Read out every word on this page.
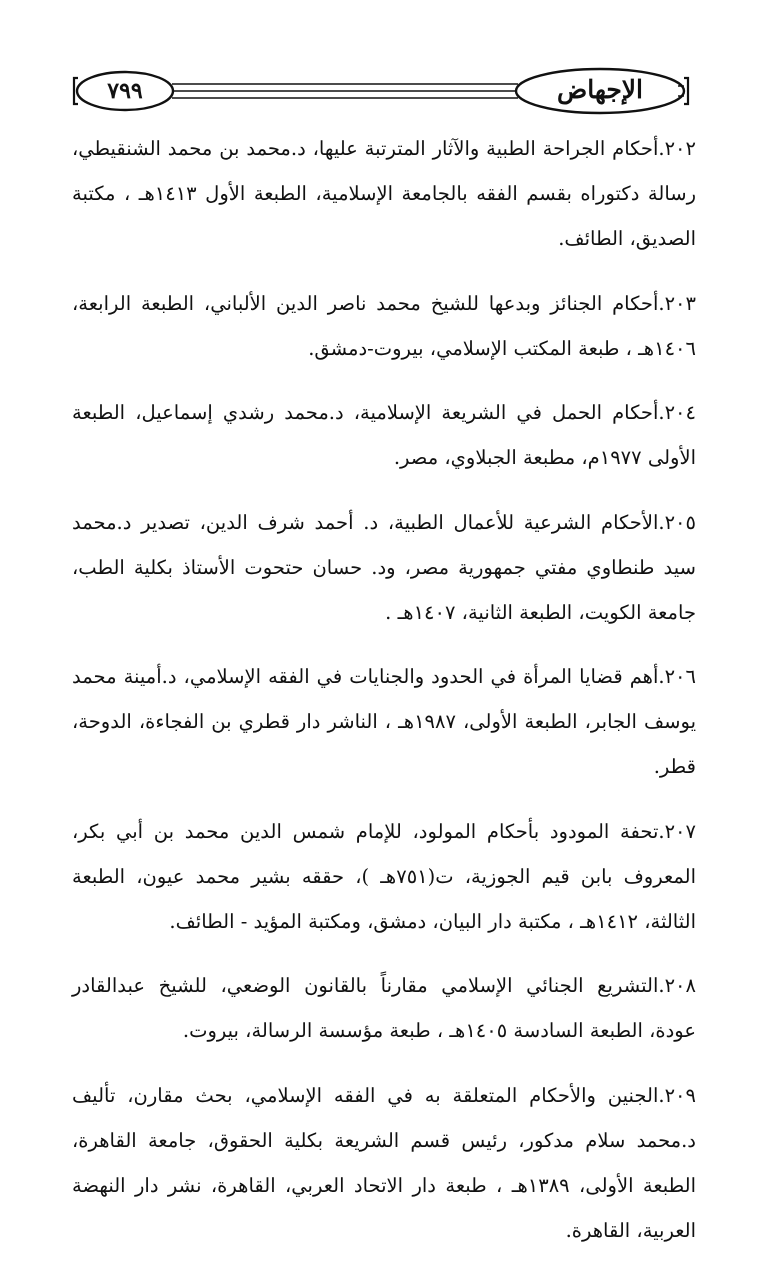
٧٩٩	الإجهاض

٢٠٢.أحكام الجراحة الطبية والآثار المترتبة عليها، د.محمد بن محمد الشنقيطي، رسالة دكتوراه بقسم الفقه بالجامعة الإسلامية، الطبعة الأول ١٤١٣هـ ، مكتبة الصديق، الطائف.

٢٠٣.أحكام الجنائز وبدعها للشيخ محمد ناصر الدين الألباني، الطبعة الرابعة، ١٤٠٦هـ ، طبعة المكتب الإسلامي، بيروت-دمشق.

٢٠٤.أحكام الحمل في الشريعة الإسلامية، د.محمد رشدي إسماعيل، الطبعة الأولى ١٩٧٧م، مطبعة الجبلاوي، مصر.

٢٠٥.الأحكام الشرعية للأعمال الطبية، د. أحمد شرف الدين، تصدير د.محمد سيد طنطاوي مفتي جمهورية مصر، ود. حسان حتحوت الأستاذ بكلية الطب، جامعة الكويت، الطبعة الثانية، ١٤٠٧هـ .

٢٠٦.أهم قضايا المرأة في الحدود والجنايات في الفقه الإسلامي، د.أمينة محمد يوسف الجابر، الطبعة الأولى، ١٩٨٧هـ ، الناشر دار قطري بن الفجاءة، الدوحة، قطر.

٢٠٧.تحفة المودود بأحكام المولود، للإمام شمس الدين محمد بن أبي بكر، المعروف بابن قيم الجوزية، ت(٧٥١هـ )، حققه بشير محمد عيون، الطبعة الثالثة، ١٤١٢هـ ، مكتبة دار البيان، دمشق، ومكتبة المؤيد - الطائف.

٢٠٨.التشريع الجنائي الإسلامي مقارناً بالقانون الوضعي، للشيخ عبدالقادر عودة، الطبعة السادسة ١٤٠٥هـ ، طبعة مؤسسة الرسالة، بيروت.

٢٠٩.الجنين والأحكام المتعلقة به في الفقه الإسلامي، بحث مقارن، تأليف د.محمد سلام مدكور، رئيس قسم الشريعة بكلية الحقوق، جامعة القاهرة، الطبعة الأولى، ١٣٨٩هـ ، طبعة دار الاتحاد العربي، القاهرة، نشر دار النهضة العربية، القاهرة.
